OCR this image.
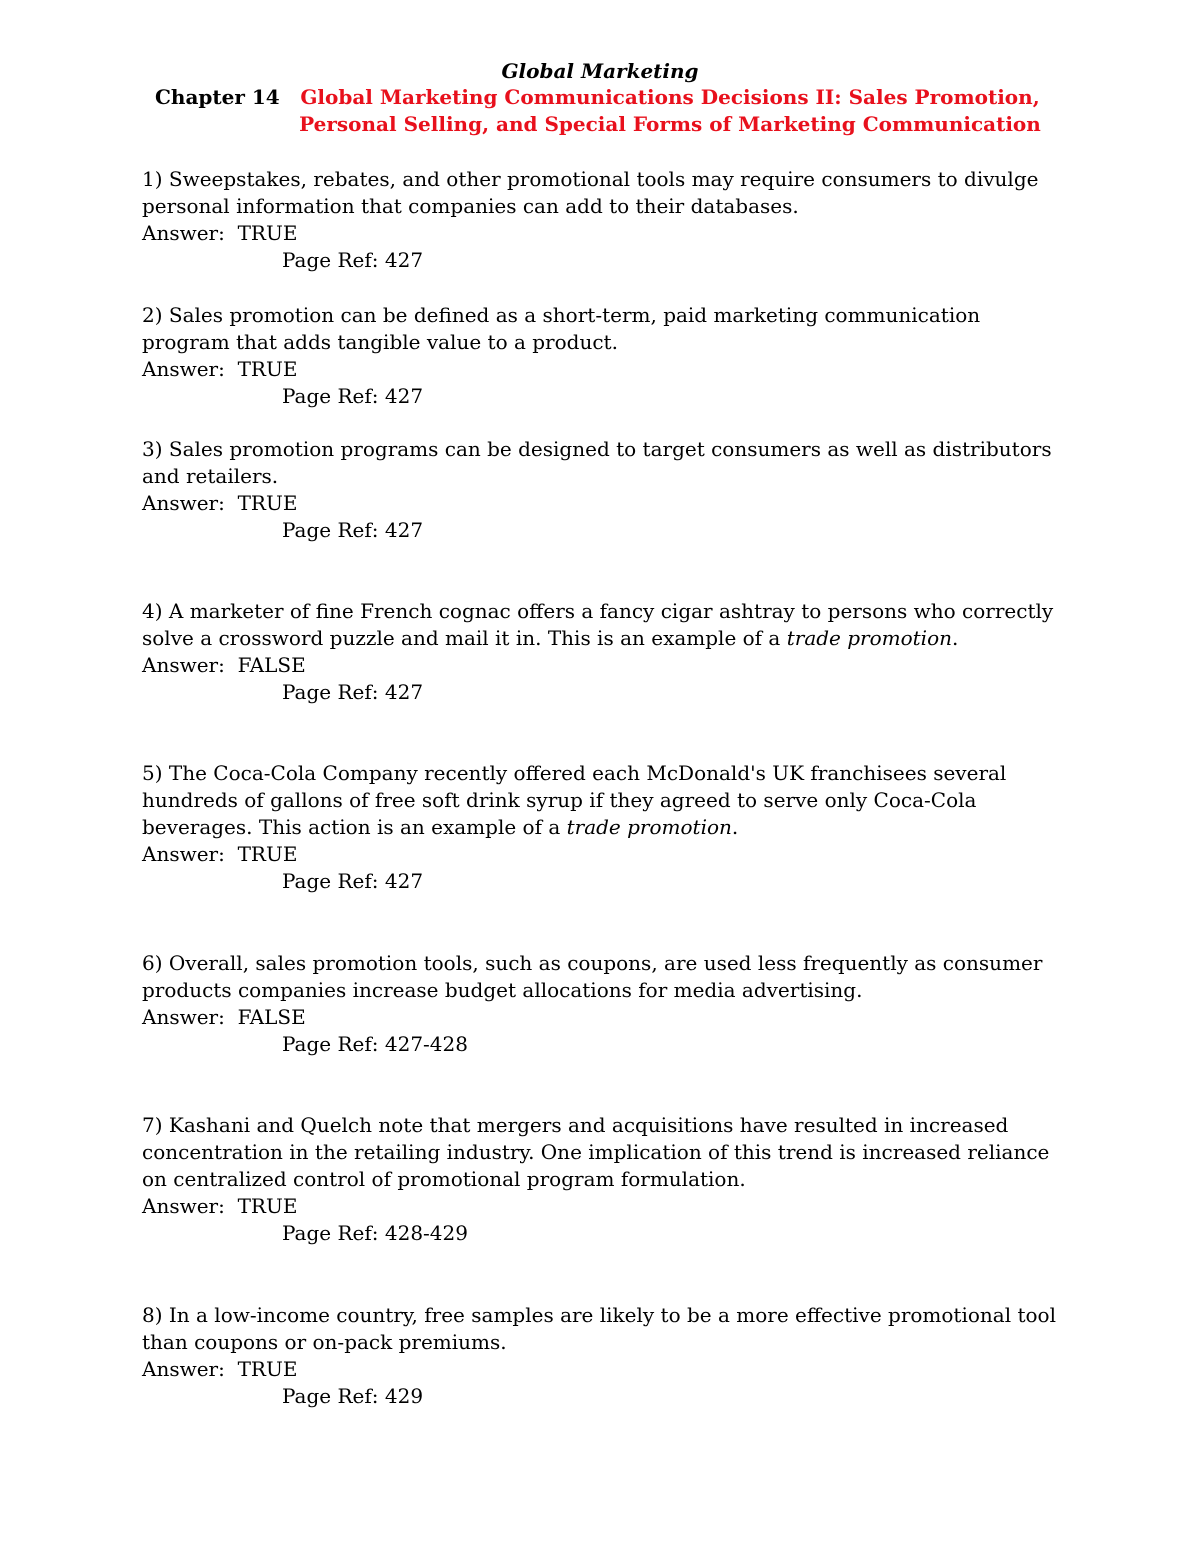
Global Marketing
Chapter 14	Global Marketing Communications Decisions II: Sales Promotion, Personal Selling, and Special Forms of Marketing Communication

1) Sweepstakes, rebates, and other promotional tools may require consumers to divulge personal information that companies can add to their databases.

Answer: TRUE
Page Ref: 427

2) Sales promotion can be defined as a short-term, paid marketing communication program that adds tangible value to a product.

Answer: TRUE
Page Ref: 427

3) Sales promotion programs can be designed to target consumers as well as distributors and retailers.

Answer: TRUE
Page Ref: 427

4) A marketer of fine French cognac offers a fancy cigar ashtray to persons who correctly solve a crossword puzzle and mail it in. This is an example of a trade promotion.

Answer: FALSE
Page Ref: 427

5) The Coca-Cola Company recently offered each McDonald's UK franchisees several hundreds of gallons of free soft drink syrup if they agreed to serve only Coca-Cola beverages. This action is an example of a trade promotion.

Answer: TRUE
Page Ref: 427

6) Overall, sales promotion tools, such as coupons, are used less frequently as consumer products companies increase budget allocations for media advertising.

Answer: FALSE
Page Ref: 427-428

7) Kashani and Quelch note that mergers and acquisitions have resulted in increased concentration in the retailing industry. One implication of this trend is increased reliance on centralized control of promotional program formulation.

Answer: TRUE
Page Ref: 428-429

8) In a low-income country, free samples are likely to be a more effective promotional tool than coupons or on-pack premiums.

Answer: TRUE
Page Ref: 429
